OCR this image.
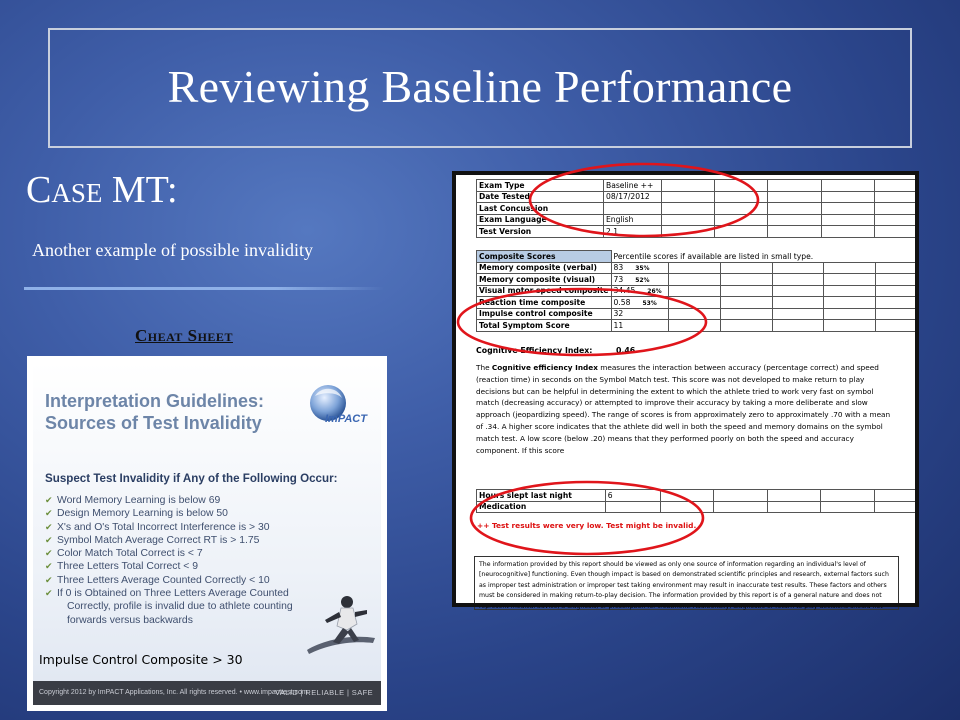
Reviewing Baseline Performance
Case MT:
Another example of possible invalidity
Cheat Sheet
Interpretation Guidelines:
Sources of Test Invalidity	ImPACT
Suspect Test Invalidity if Any of the Following Occur:
✔ Word Memory Learning is below 69
✔ Design Memory Learning is below 50
✔ X's and O's Total Incorrect Interference is > 30
✔ Symbol Match Average Correct RT is > 1.75
✔ Color Match Total Correct is < 7
✔ Three Letters Total Correct < 9
✔ Three Letters Average Counted Correctly < 10
✔ If 0 is Obtained on Three Letters Average Counted
Correctly, profile is invalid due to athlete counting
forwards versus backwards
Impulse Control Composite > 30
Copyright 2012 by ImPACT Applications, Inc. All rights reserved. • www.impacttest.com
VALID | RELIABLE | SAFE
Exam Type	Baseline ++					
Date Tested	08/17/2012					
Last Concussion						
Exam Language	English					
Test Version	2.1					
Composite Scores	Percentile scores if available are listed in small type.					
Memory composite (verbal)	83 35%					
Memory composite (visual)	73 52%					
Visual motor speed composite	34.45 26%					
Reaction time composite	0.58 53%					
Impulse control composite	32					
Total Symptom Score	11					
Cognitive Efficiency Index:	0.46
The Cognitive efficiency Index measures the interaction between accuracy (percentage correct) and speed (reaction time) in seconds on the Symbol Match test. This score was not developed to make return to play decisions but can be helpful in determining the extent to which the athlete tried to work very fast on symbol match (decreasing accuracy) or attempted to improve their accuracy by taking a more deliberate and slow approach (jeopardizing speed). The range of scores is from approximately zero to approximately .70 with a mean of .34. A higher score indicates that the athlete did well in both the speed and memory domains on the symbol match test. A low score (below .20) means that they performed poorly on both the speed and accuracy component. If this score
Hours slept last night	6					
Medication						
++ Test results were very low. Test might be invalid.
The information provided by this report should be viewed as only one source of information regarding an individual's level of [neurocognitive] functioning. Even though impact is based on demonstrated scientific principles and research, external factors such as improper test administration or improper test taking environment may result in inaccurate test results. These factors and others must be considered in making return-to-play decision. The information provided by this report is of a general nature and does not represent medical advice, a diagnosis, or prescription for treatment. Additionally, diagnostic or return to play decisions should not
